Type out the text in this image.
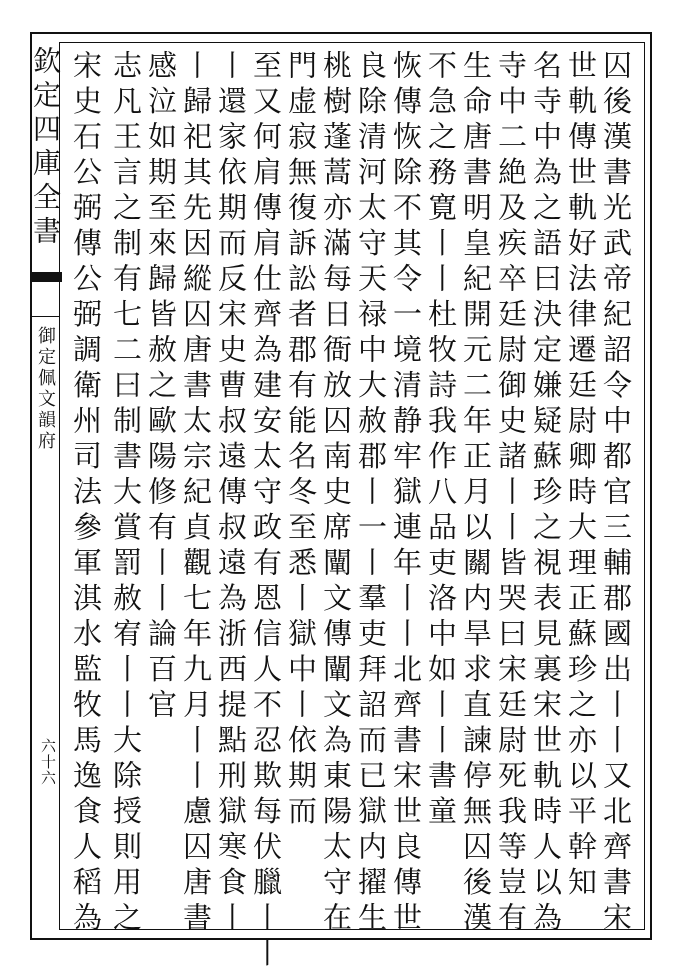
欽定四庫全書
御定佩文韻府
六十六	囚後漢書光武帝紀詔令中都官三輔郡國出丨丨又北齊書宋
世軌傳世軌好法律遷廷尉卿時大理正蘇珍之亦以平幹知
名寺中為之語曰決定嫌疑蘇珍之視表見裏宋世軌時人以為
寺中二絶及疾卒廷尉御史諸丨丨皆哭曰宋廷尉死我等豈有
生命唐書明皇紀開元二年正月以關内旱求直諫停無囚後漢
不急之務寛丨丨杜牧詩我作八品吏洛中如丨丨書童
恢傳恢除不其令一境清静牢獄連年丨丨北齊書宋世良傳世
良除清河太守天禄中大赦郡丨一丨羣吏拜詔而已獄内擢生
桃樹蓬蒿亦滿每日衙放囚南史席闡文傳闡文為東陽太守在
門虚寂無復訴訟者郡有能名冬至悉丨獄中丨依期而
至又何肩傳肩仕齊為建安太守政有恩信人不忍欺每伏臘丨丨
丨還家依期而反宋史曹叔遠傳叔遠為浙西提點刑獄寒食丨
丨歸祀其先因縱囚唐書太宗紀貞觀七年九月丨丨慮囚唐書
感泣如期至來歸皆赦之歐陽修有丨丨論百官
志凡王言之制有七二曰制書大賞罰赦宥丨丨大除授則用之
宋史石公弼傳公弼調衛州司法參軍淇水監牧馬逸食人稻為
